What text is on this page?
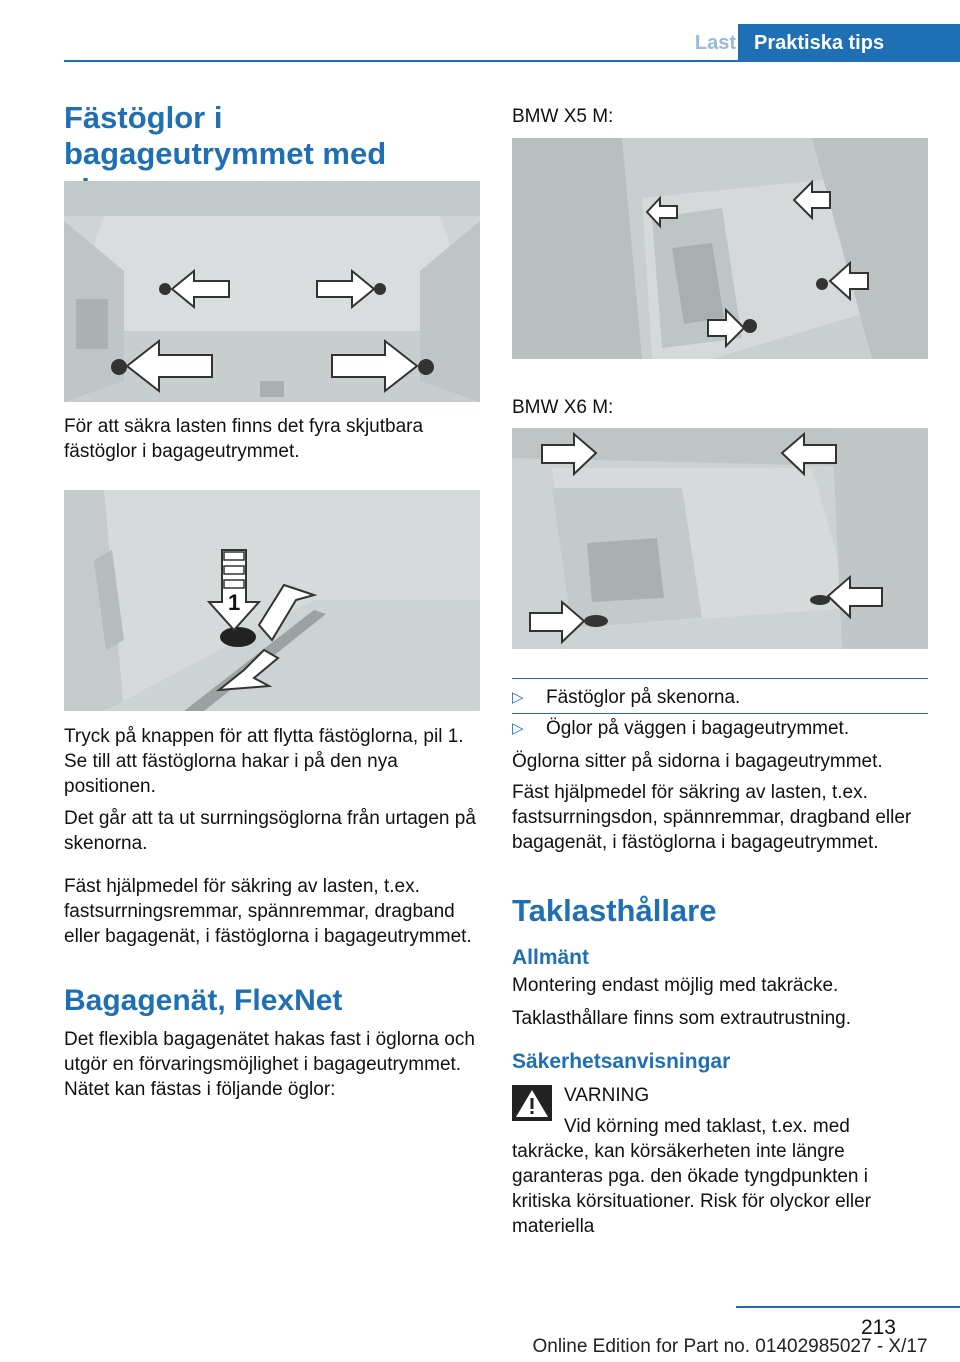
Last Praktiska tips
Fästöglor i bagageutrymmet med

För att säkra lasten finns det fyra skjutbara fästöglor i bagageutrymmet.

1

Tryck på knappen för att flytta fästöglorna, pil 1. Se till att fästöglorna hakar i på den nya positionen.

Det går att ta ut surrningsöglorna från urtagen på skenorna.

Fäst hjälpmedel för säkring av lasten, t.ex. fastsurrningsremmar, spännremmar, dragband eller bagagenät, i fästöglorna i bagageutrymmet.

Bagagenät, FlexNet

Det flexibla bagagenätet hakas fast i öglorna och utgör en förvaringsmöjlighet i bagageutrymmet. Nätet kan fästas i följande öglor:

BMW X5 M:

BMW X6 M:

▷ Fästöglor på skenorna.
▷ Öglor på väggen i bagageutrymmet.

Öglorna sitter på sidorna i bagageutrymmet.

Fäst hjälpmedel för säkring av lasten, t.ex. fastsurrningsdon, spännremmar, dragband eller bagagenät, i fästöglorna i bagageutrymmet.

Taklasthållare
Allmänt

Montering endast möjlig med takräcke.

Taklasthållare finns som extrautrustning.

Säkerhetsanvisningar

VARNING

Vid körning med taklast, t.ex. med takräcke, kan körsäkerheten inte längre garanteras pga. den ökade tyngdpunkten i kritiska körsituationer. Risk för olyckor eller materiella

213
Online Edition for Part no. 01402985027 - X/17
